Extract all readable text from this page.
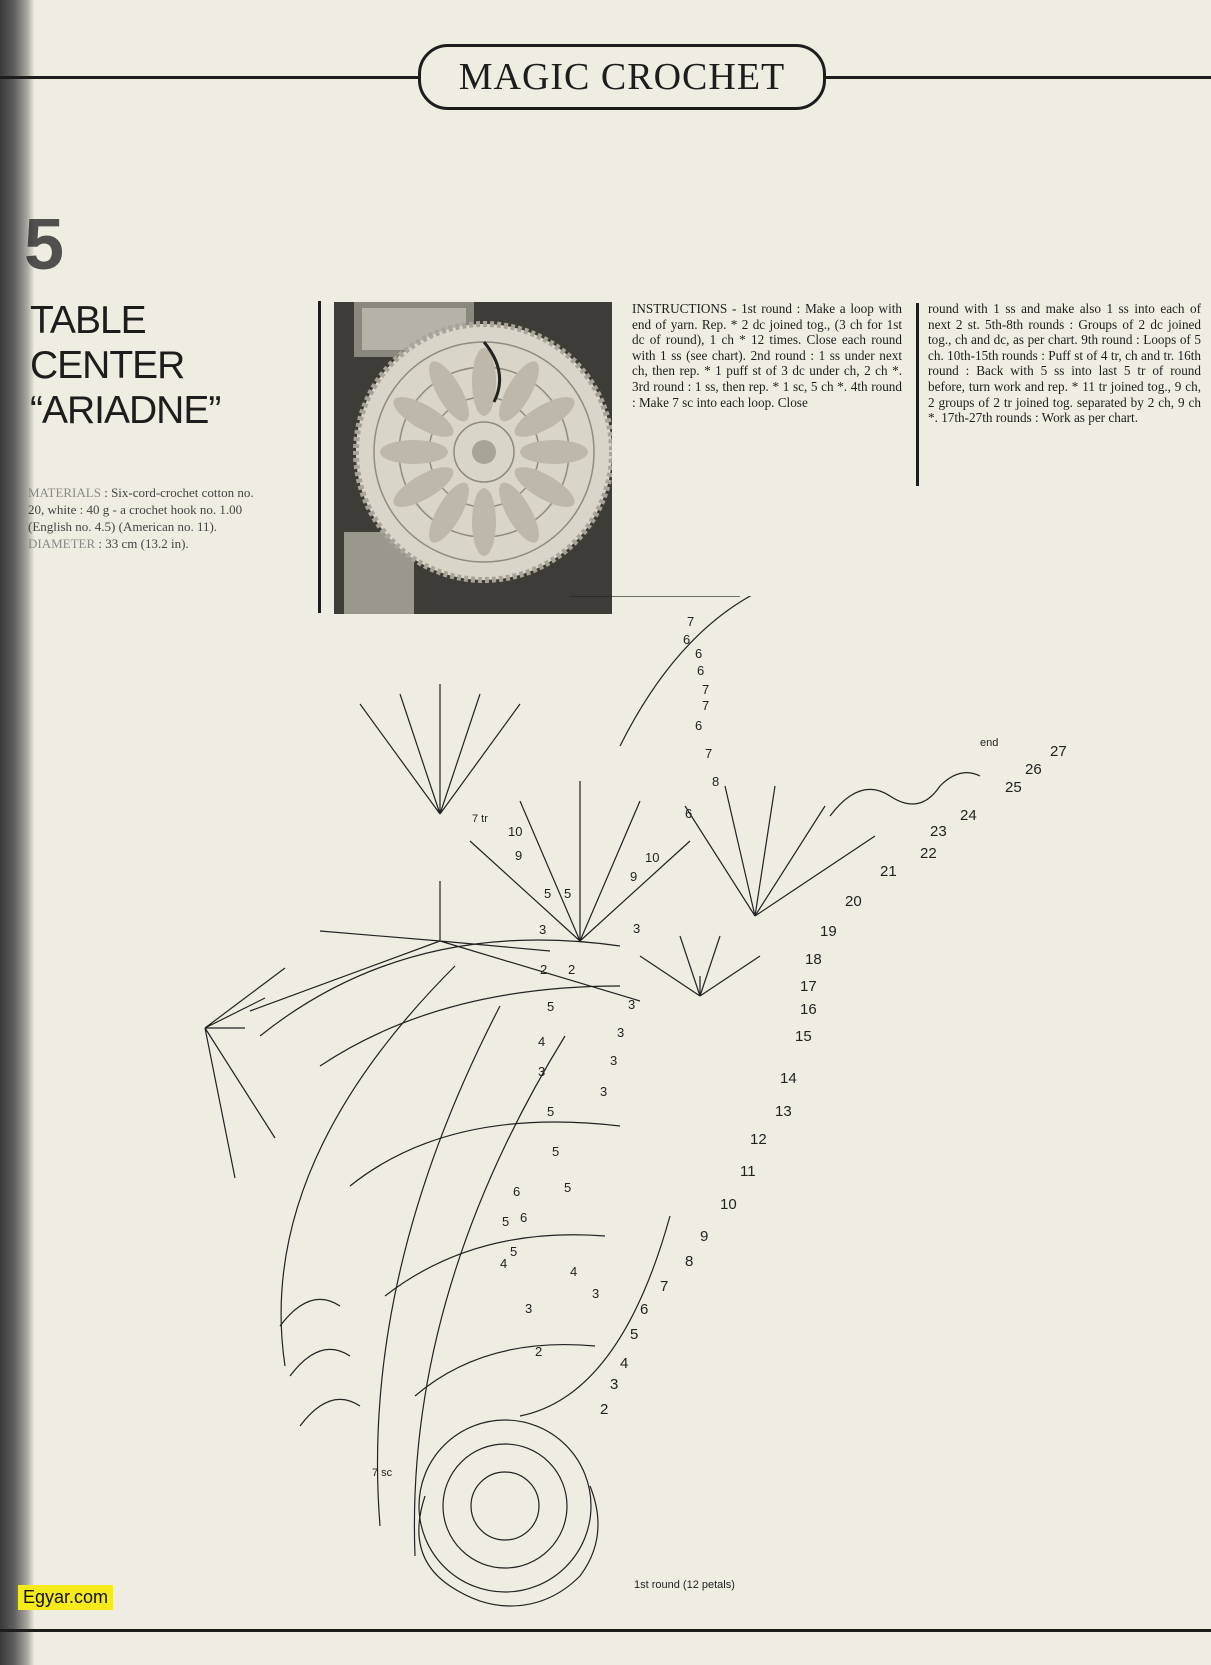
MAGIC CROCHET
5
TABLE
CENTER
“ARIADNE”
MATERIALS : Six-cord-crochet cotton no.
20, white : 40 g - a crochet hook no. 1.00
(English no. 4.5) (American no. 11).
DIAMETER : 33 cm (13.2 in).
INSTRUCTIONS - 1st round : Make a loop with end of yarn. Rep. * 2 dc joined tog., (3 ch for 1st dc of round), 1 ch * 12 times. Close each round with 1 ss (see chart). 2nd round : 1 ss under next ch, then rep. * 1 puff st of 3 dc under ch, 2 ch *. 3rd round : 1 ss, then rep. * 1 sc, 5 ch *. 4th round : Make 7 sc into each loop. Close
round with 1 ss and make also 1 ss into each of next 2 st. 5th-8th rounds : Groups of 2 dc joined tog., ch and dc, as per chart. 9th round : Loops of 5 ch. 10th-15th rounds : Puff st of 4 tr, ch and tr. 16th round : Back with 5 ss into last 5 tr of round before, turn work and rep. * 11 tr joined tog., 9 ch, 2 groups of 2 tr joined tog. separated by 2 ch, 9 ch *. 17th-27th rounds : Work as per chart.
27
26
25
24
23
22
21
20
19
18
17
16
15
14
13
12
11
10
9
8
7
6
5
4
3
2
7
6
6
6
7
7
6
7
8
6
10
9	10
9
5 5
3	3
2 2
5	3
4
3
3
3
3
5
5
5
6
6
5
5
4
3
2
4
3
end
7 tr
7 sc
1st round (12 petals)
Egyar.com
